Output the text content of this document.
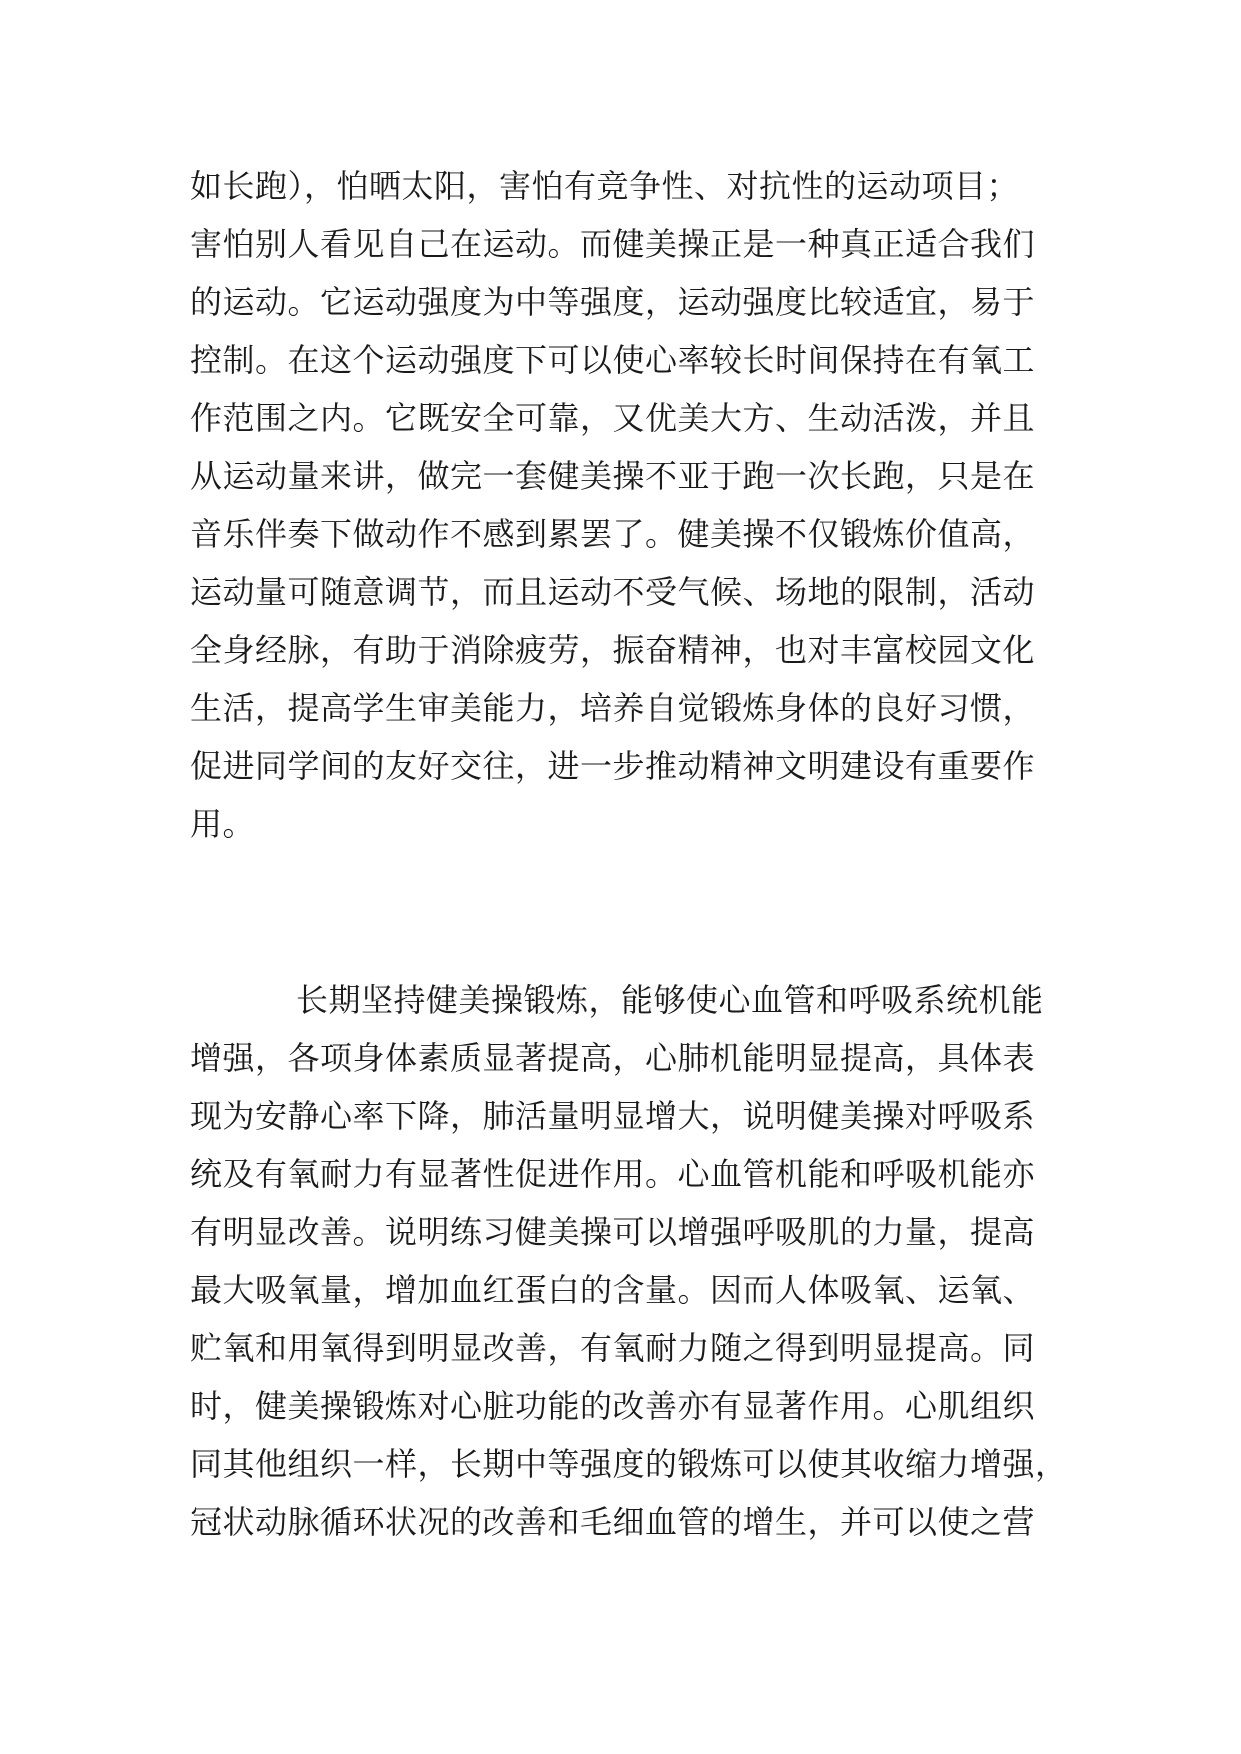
如长跑），怕晒太阳，害怕有竞争性、对抗性的运动项目；
害怕别人看见自己在运动。而健美操正是一种真正适合我们
的运动。它运动强度为中等强度，运动强度比较适宜，易于
控制。在这个运动强度下可以使心率较长时间保持在有氧工
作范围之内。它既安全可靠，又优美大方、生动活泼，并且
从运动量来讲，做完一套健美操不亚于跑一次长跑，只是在
音乐伴奏下做动作不感到累罢了。健美操不仅锻炼价值高，
运动量可随意调节，而且运动不受气候、场地的限制，活动
全身经脉，有助于消除疲劳，振奋精神，也对丰富校园文化
生活，提高学生审美能力，培养自觉锻炼身体的良好习惯，
促进同学间的友好交往，进一步推动精神文明建设有重要作
用。
长期坚持健美操锻炼，能够使心血管和呼吸系统机能
增强，各项身体素质显著提高，心肺机能明显提高，具体表
现为安静心率下降，肺活量明显增大，说明健美操对呼吸系
统及有氧耐力有显著性促进作用。心血管机能和呼吸机能亦
有明显改善。说明练习健美操可以增强呼吸肌的力量，提高
最大吸氧量，增加血红蛋白的含量。因而人体吸氧、运氧、
贮氧和用氧得到明显改善，有氧耐力随之得到明显提高。同
时，健美操锻炼对心脏功能的改善亦有显著作用。心肌组织
同其他组织一样，长期中等强度的锻炼可以使其收缩力增强，
冠状动脉循环状况的改善和毛细血管的增生，并可以使之营
